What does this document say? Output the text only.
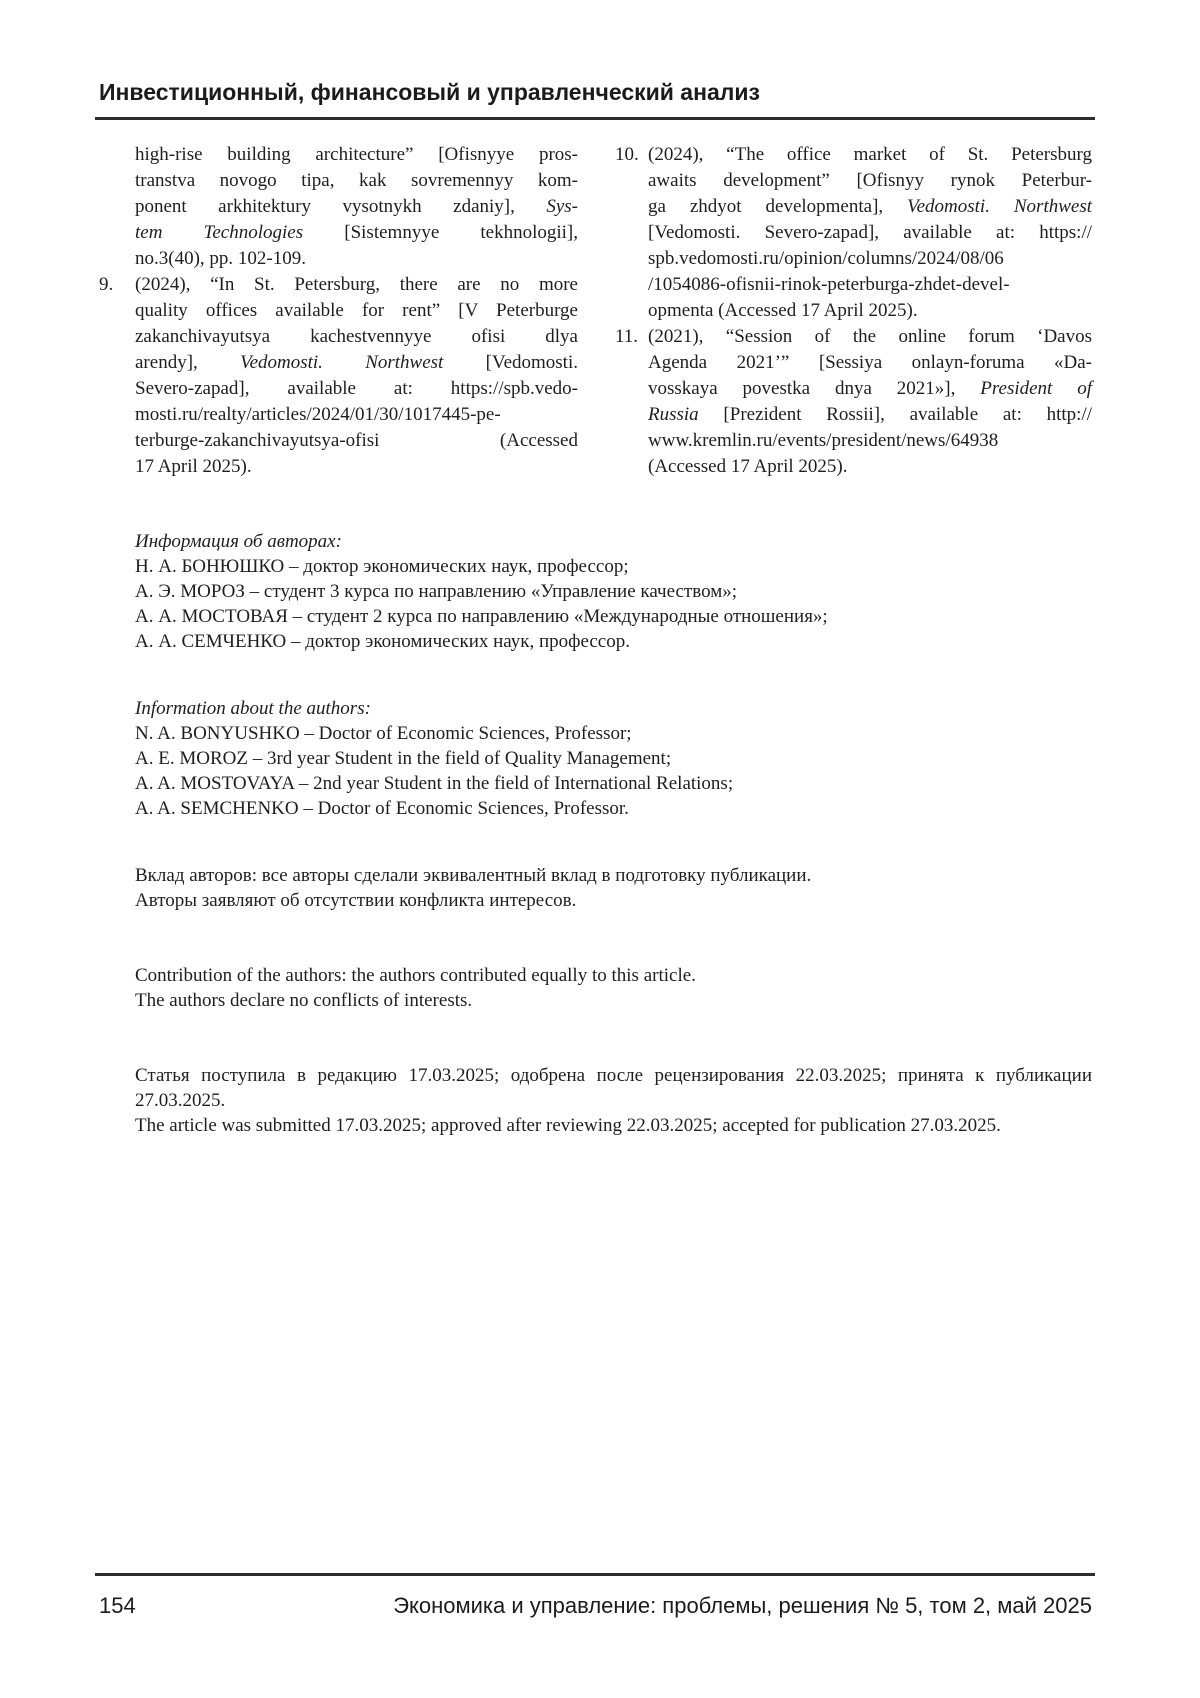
Инвестиционный, финансовый и управленческий анализ
high-rise building architecture” [Ofisnyye pros-
transtva novogo tipa, kak sovremennyy kom-
ponent arkhitektury vysotnykh zdaniy], Sys-
tem Technologies [Sistemnyye tekhnologii],
no.3(40), pp. 102-109.
9. (2024), “In St. Petersburg, there are no more
quality offices available for rent” [V Peterburge
zakanchivayutsya kachestvennyye ofisi dlya
arendy], Vedomosti. Northwest [Vedomosti.
Severo-zapad], available at: https://spb.vedo-
mosti.ru/realty/articles/2024/01/30/1017445-pe-
terburge-zakanchivayutsya-ofisi (Accessed
17 April 2025).
10. (2024), “The office market of St. Petersburg
awaits development” [Ofisnyy rynok Peterbur-
ga zhdyot developmenta], Vedomosti. Northwest
[Vedomosti. Severo-zapad], available at: https://
spb.vedomosti.ru/opinion/columns/2024/08/06
/1054086-ofisnii-rinok-peterburga-zhdet-devel-
opmenta (Accessed 17 April 2025).
11. (2021), “Session of the online forum ‘Davos
Agenda 2021’” [Sessiya onlayn-foruma «Da-
vosskaya povestka dnya 2021»], President of
Russia [Prezident Rossii], available at: http://
www.kremlin.ru/events/president/news/64938
(Accessed 17 April 2025).
Информация об авторах:
Н. А. БОНЮШКО – доктор экономических наук, профессор;
А. Э. МОРОЗ – студент 3 курса по направлению «Управление качеством»;
А. А. МОСТОВАЯ – студент 2 курса по направлению «Международные отношения»;
А. А. СЕМЧЕНКО – доктор экономических наук, профессор.
Information about the authors:
N. A. BONYUSHKO – Doctor of Economic Sciences, Professor;
A. E. MOROZ – 3rd year Student in the field of Quality Management;
A. A. MOSTOVAYA – 2nd year Student in the field of International Relations;
A. A. SEMCHENKO – Doctor of Economic Sciences, Professor.
Вклад авторов: все авторы сделали эквивалентный вклад в подготовку публикации.
Авторы заявляют об отсутствии конфликта интересов.
Contribution of the authors: the authors contributed equally to this article.
The authors declare no conflicts of interests.
Статья поступила в редакцию 17.03.2025; одобрена после рецензирования 22.03.2025; принята к публикации
27.03.2025.
The article was submitted 17.03.2025; approved after reviewing 22.03.2025; accepted for publication 27.03.2025.
154	Экономика и управление: проблемы, решения № 5, том 2, май 2025
